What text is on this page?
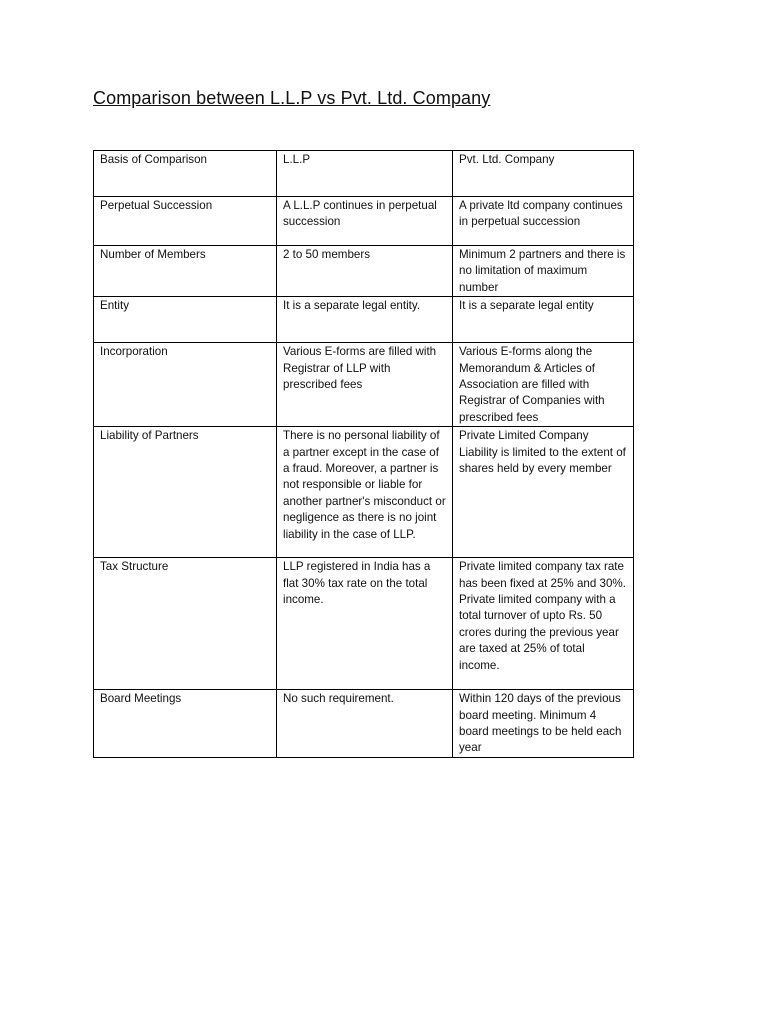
Comparison between L.L.P vs Pvt. Ltd. Company
Basis of Comparison	L.L.P	Pvt. Ltd. Company
Perpetual Succession	A L.L.P continues in perpetual succession	A private ltd company continues in perpetual succession
Number of Members	2 to 50 members	Minimum 2 partners and there is no limitation of maximum number
Entity	It is a separate legal entity.	It is a separate legal entity
Incorporation	Various E-forms are filled with Registrar of LLP with prescribed fees	Various E-forms along the Memorandum & Articles of Association are filled with Registrar of Companies with prescribed fees
Liability of Partners	There is no personal liability of a partner except in the case of a fraud. Moreover, a partner is not responsible or liable for another partner's misconduct or negligence as there is no joint liability in the case of LLP.	Private Limited Company Liability is limited to the extent of shares held by every member
Tax Structure	LLP registered in India has a flat 30% tax rate on the total income.	Private limited company tax rate has been fixed at 25% and 30%. Private limited company with a total turnover of upto Rs. 50 crores during the previous year are taxed at 25% of total income.
Board Meetings	No such requirement.	Within 120 days of the previous board meeting. Minimum 4 board meetings to be held each year
